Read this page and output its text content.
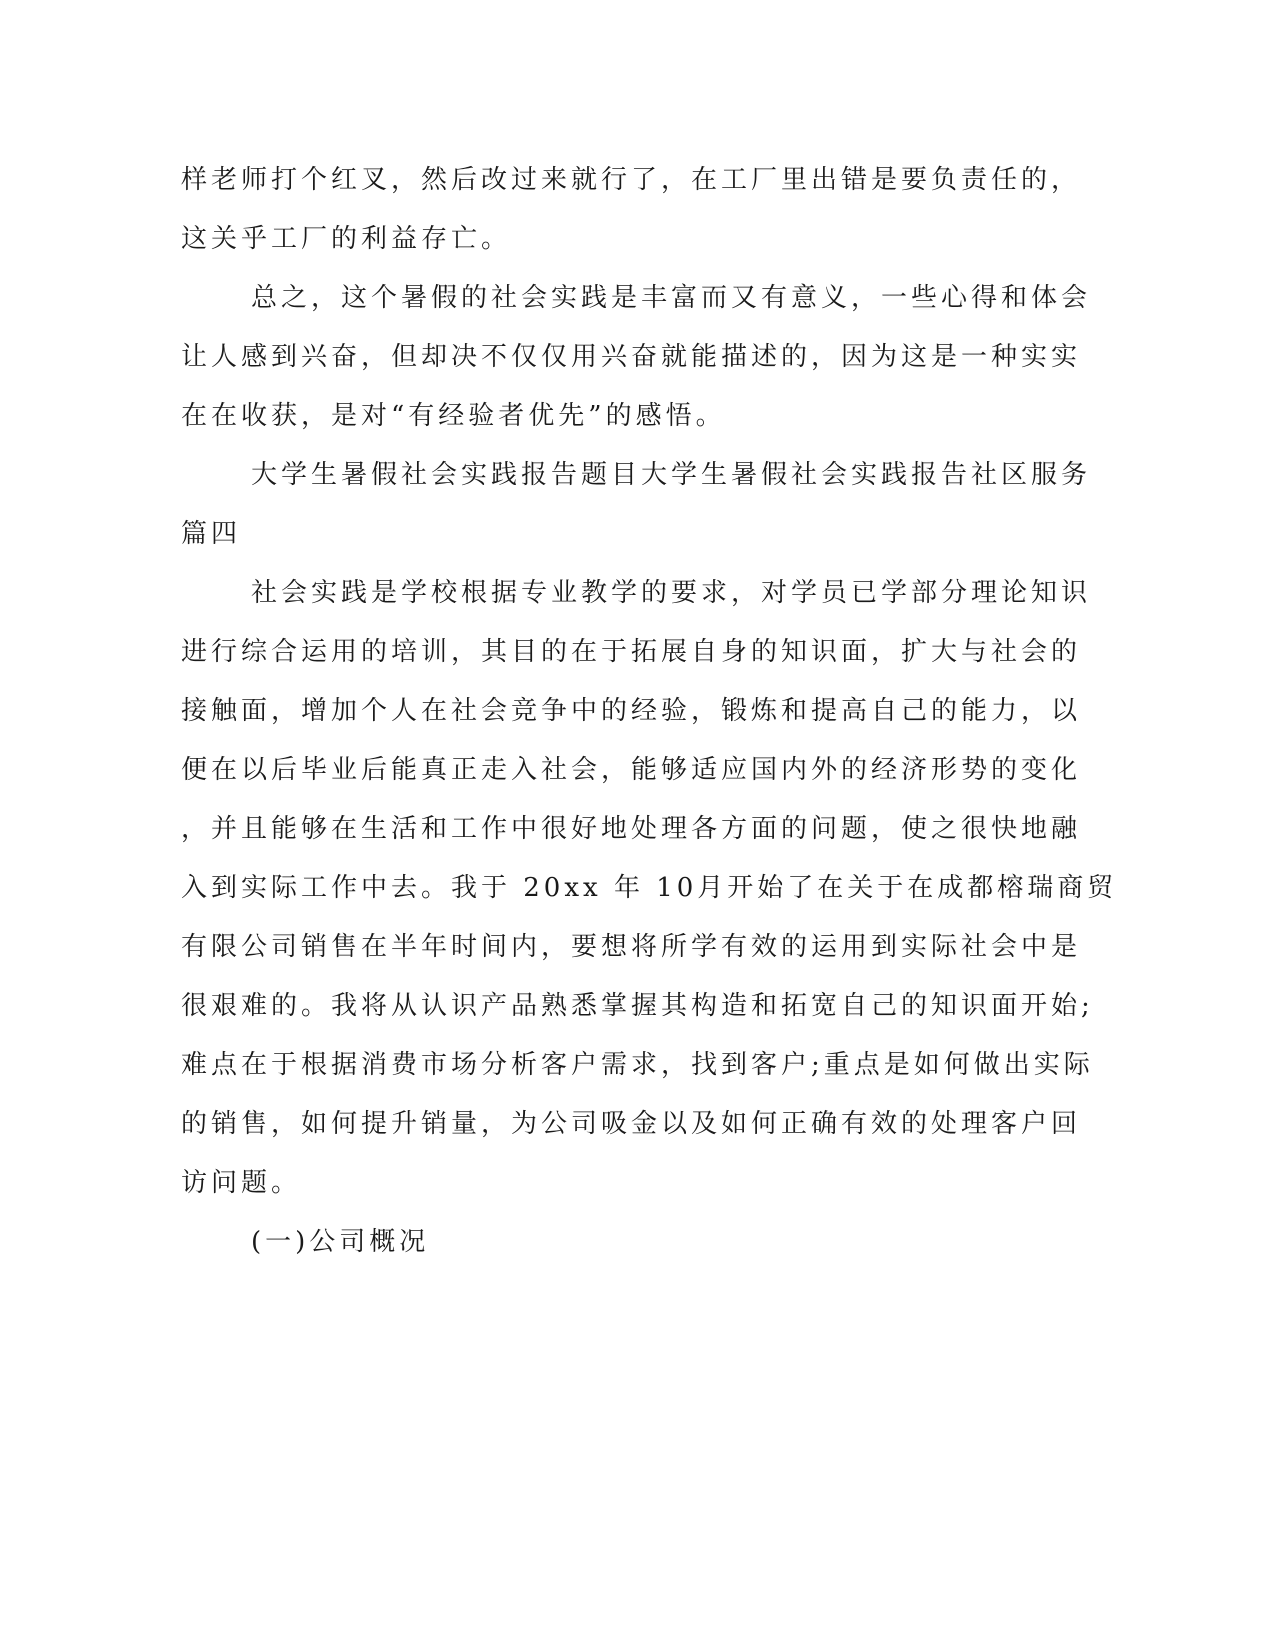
样老师打个红叉，然后改过来就行了，在工厂里出错是要负责任的，
这关乎工厂的利益存亡。
总之，这个暑假的社会实践是丰富而又有意义，一些心得和体会
让人感到兴奋，但却决不仅仅用兴奋就能描述的，因为这是一种实实
在在收获，是对“有经验者优先”的感悟。
大学生暑假社会实践报告题目大学生暑假社会实践报告社区服务
篇四
社会实践是学校根据专业教学的要求，对学员已学部分理论知识
进行综合运用的培训，其目的在于拓展自身的知识面，扩大与社会的
接触面，增加个人在社会竞争中的经验，锻炼和提高自己的能力，以
便在以后毕业后能真正走入社会，能够适应国内外的经济形势的变化
，并且能够在生活和工作中很好地处理各方面的问题，使之很快地融
入到实际工作中去。我于 20xx 年 10月开始了在关于在成都榕瑞商贸
有限公司销售在半年时间内，要想将所学有效的运用到实际社会中是
很艰难的。我将从认识产品熟悉掌握其构造和拓宽自己的知识面开始;
难点在于根据消费市场分析客户需求，找到客户;重点是如何做出实际
的销售，如何提升销量，为公司吸金以及如何正确有效的处理客户回
访问题。
(一)公司概况
